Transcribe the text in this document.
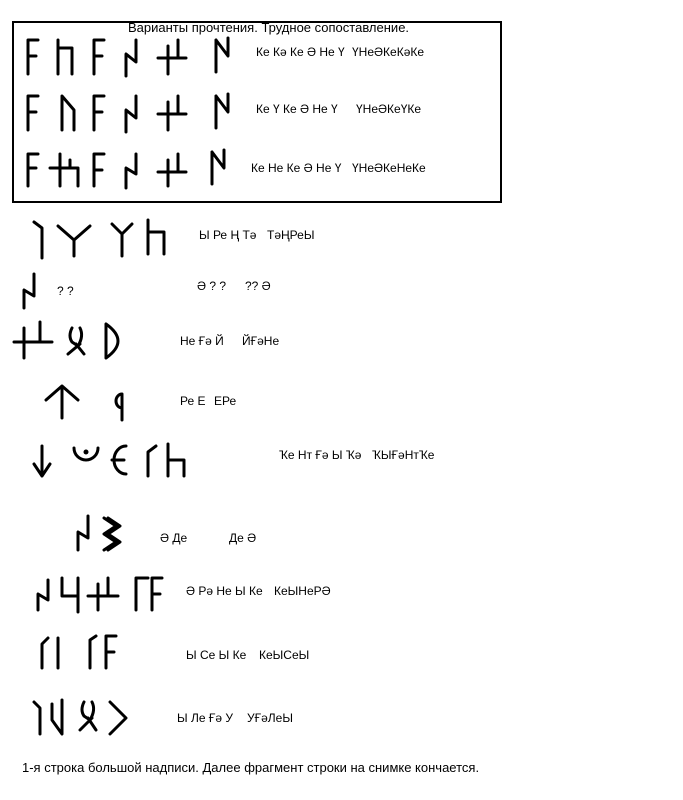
Варианты прочтения. Трудное сопоставление.
Ке Кә Ке Ә Не Ү ҮНеӘКеКәКе
Ке Ү Ке Ә Не Ү ҮНеӘКеҮКе
Ке Не Ке Ә Не Ү ҮНеӘКеНеКе
Ы Ре Ң Тә ТәҢРеЫ
? ?	Ә ? ? ?? Ә
Не Ғә Й ЙҒәНе
Ре Е ЕРе
Ҡе Нт Ғә Ы Ҡә ҠЫҒәНтҠе
Ә Де	Де Ә
Ә Рә Не Ы Ке КеЫНеРӘ
Ы Се Ы Ке КеЫСеЫ
Ы Ле Ғә У УҒәЛеЫ
1-я строка большой надписи. Далее фрагмент строки на снимке кончается.
